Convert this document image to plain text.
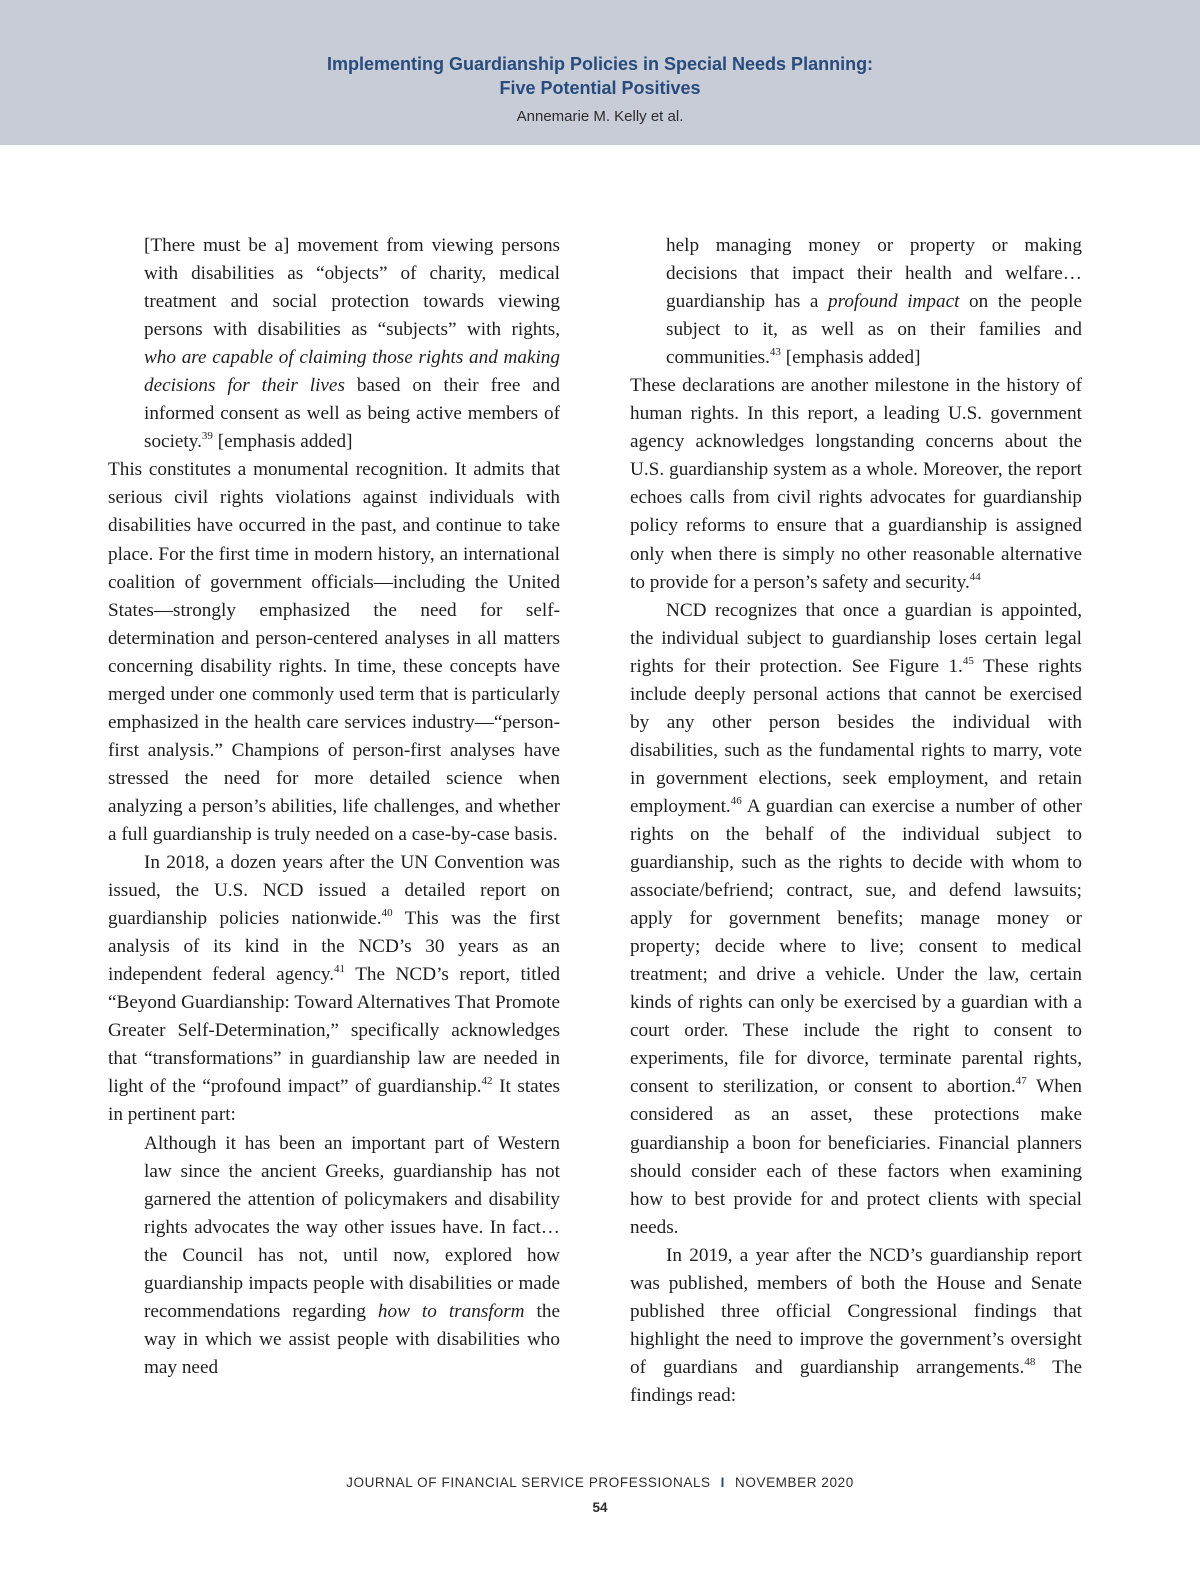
Implementing Guardianship Policies in Special Needs Planning:
Five Potential Positives
Annemarie M. Kelly et al.

[There must be a] movement from viewing persons with disabilities as “objects” of charity, medical treatment and social protection towards viewing persons with disabilities as “subjects” with rights, who are capable of claiming those rights and making decisions for their lives based on their free and informed consent as well as being active members of society.$^{39}$ [emphasis added]

This constitutes a monumental recognition. It admits that serious civil rights violations against individuals with disabilities have occurred in the past, and continue to take place. For the first time in modern history, an international coalition of government officials—including the United States—strongly emphasized the need for self-determination and person-centered analyses in all matters concerning disability rights. In time, these concepts have merged under one commonly used term that is particularly emphasized in the health care services industry—“person-first analysis.” Champions of person-first analyses have stressed the need for more detailed science when analyzing a person’s abilities, life challenges, and whether a full guardianship is truly needed on a case-by-case basis.

In 2018, a dozen years after the UN Convention was issued, the U.S. NCD issued a detailed report on guardianship policies nationwide.$^{40}$ This was the first analysis of its kind in the NCD’s 30 years as an independent federal agency.$^{41}$ The NCD’s report, titled “Beyond Guardianship: Toward Alternatives That Promote Greater Self-Determination,” specifically acknowledges that “transformations” in guardianship law are needed in light of the “profound impact” of guardianship.$^{42}$ It states in pertinent part:

Although it has been an important part of Western law since the ancient Greeks, guardianship has not garnered the attention of policymakers and disability rights advocates the way other issues have. In fact…the Council has not, until now, explored how guardianship impacts people with disabilities or made recommendations regarding how to transform the way in which we assist people with disabilities who may need

help managing money or property or making decisions that impact their health and welfare… guardianship has a profound impact on the people subject to it, as well as on their families and communities.$^{43}$ [emphasis added]

These declarations are another milestone in the history of human rights. In this report, a leading U.S. government agency acknowledges longstanding concerns about the U.S. guardianship system as a whole. Moreover, the report echoes calls from civil rights advocates for guardianship policy reforms to ensure that a guardianship is assigned only when there is simply no other reasonable alternative to provide for a person’s safety and security.$^{44}$

NCD recognizes that once a guardian is appointed, the individual subject to guardianship loses certain legal rights for their protection. See Figure 1.45 These rights include deeply personal actions that cannot be exercised by any other person besides the individual with disabilities, such as the fundamental rights to marry, vote in government elections, seek employment, and retain employment.$^{46}$ A guardian can exercise a number of other rights on the behalf of the individual subject to guardianship, such as the rights to decide with whom to associate/befriend; contract, sue, and defend lawsuits; apply for government benefits; manage money or property; decide where to live; consent to medical treatment; and drive a vehicle. Under the law, certain kinds of rights can only be exercised by a guardian with a court order. These include the right to consent to experiments, file for divorce, terminate parental rights, consent to sterilization, or consent to abortion.$^{47}$ When considered as an asset, these protections make guardianship a boon for beneficiaries. Financial planners should consider each of these factors when examining how to best provide for and protect clients with special needs.

In 2019, a year after the NCD’s guardianship report was published, members of both the House and Senate published three official Congressional findings that highlight the need to improve the government’s oversight of guardians and guardianship arrangements.$^{48}$ The findings read:

JOURNAL OF FINANCIAL SERVICE PROFESSIONALS I NOVEMBER 2020
54
